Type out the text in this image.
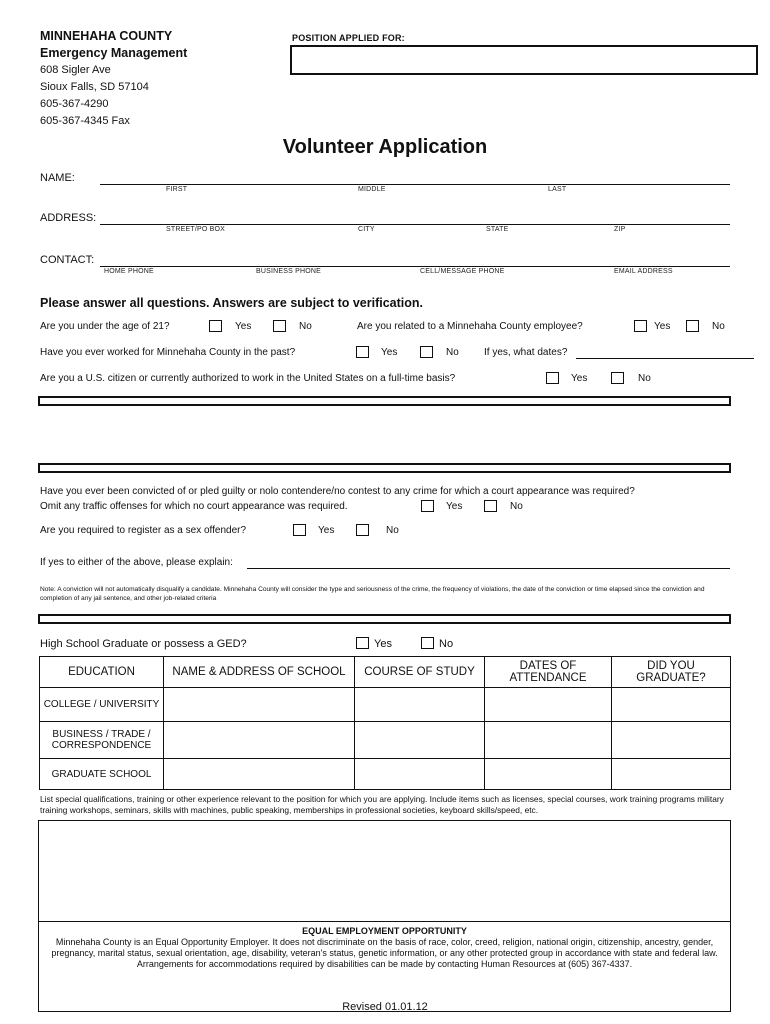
MINNEHAHA COUNTY
Emergency Management
608 Sigler Ave
Sioux Falls, SD 57104
605-367-4290
605-367-4345 Fax
POSITION APPLIED FOR:
Volunteer Application
NAME:
FIRST	MIDDLE	LAST
ADDRESS:
STREET/PO BOX	CITY	STATE	ZIP
CONTACT:
HOME PHONE	BUSINESS PHONE	CELL/MESSAGE PHONE	EMAIL ADDRESS
Please answer all questions. Answers are subject to verification.
Are you under the age of 21?	Yes	No	Are you related to a Minnehaha County employee?	Yes	No
Have you ever worked for Minnehaha County in the past?	Yes	No	If yes, what dates?
Are you a U.S. citizen or currently authorized to work in the United States on a full-time basis?	Yes	No
Have you ever been convicted of or pled guilty or nolo contendere/no contest to any crime for which a court appearance was required?
Omit any traffic offenses for which no court appearance was required.	Yes	No
Are you required to register as a sex offender?	Yes	No
If yes to either of the above, please explain:
Note: A conviction will not automatically disqualify a candidate. Minnehaha County will consider the type and seriousness of the crime, the frequency of violations, the date of the conviction or time elapsed since the conviction and completion of any jail sentence, and other job-related criteria
High School Graduate or possess a GED?	Yes	No
EDUCATION	NAME & ADDRESS OF SCHOOL	COURSE OF STUDY	DATES OF ATTENDANCE	DID YOU GRADUATE?
COLLEGE / UNIVERSITY				
BUSINESS / TRADE / CORRESPONDENCE				
GRADUATE SCHOOL				
List special qualifications, training or other experience relevant to the position for which you are applying. Include items such as licenses, special courses, work training programs military training workshops, seminars, skills with machines, public speaking, memberships in professional societies, keyboard skills/speed, etc.
EQUAL EMPLOYMENT OPPORTUNITY
Minnehaha County is an Equal Opportunity Employer. It does not discriminate on the basis of race, color, creed, religion, national origin, citizenship, ancestry, gender, pregnancy, marital status, sexual orientation, age, disability, veteran's status, genetic information, or any other protected group in accordance with state and federal law. Arrangements for accommodations required by disabilities can be made by contacting Human Resources at (605) 367-4337.
Revised 01.01.12
